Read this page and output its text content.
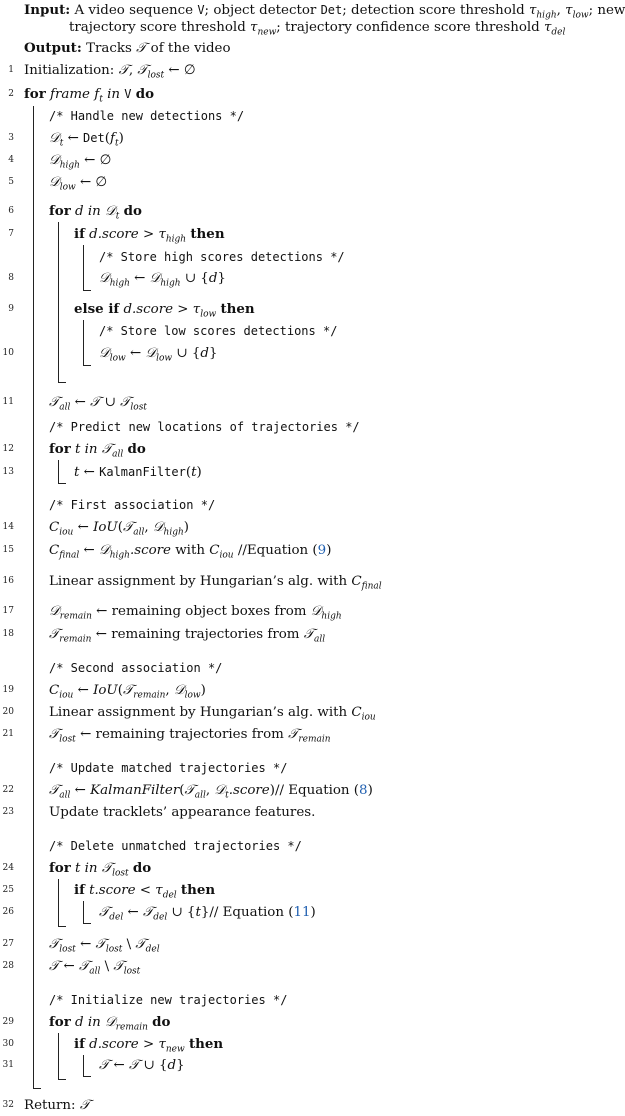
Input: A video sequence V; object detector Det; detection score threshold $\tau_{high}$, $\tau_{low}$; new
trajectory score threshold $\tau_{new}$; trajectory confidence score threshold $\tau_{del}$
Output: Tracks 𝒯 of the video
1 Initialization: 𝒯, 𝒯$_{lost}$ ← ∅
2 for frame $f_t$ in V do
/* Handle new detections */
3	𝒟$_t$ ← $Det(f_t)$
4	𝒟$_{high}$ ← ∅
5	𝒟$_{low}$ ← ∅
6	for d in 𝒟$_t$ do
7	if d.score > $\tau_{high}$ then
/* Store high scores detections */
8	𝒟$_{high}$ ← 𝒟$_{high}$ ∪ {d}
9	else if d.score > $\tau_{low}$ then
/* Store low scores detections */
10	𝒟$_{low}$ ← 𝒟$_{low}$ ∪ {d}
11	𝒯$_{all}$ ← 𝒯 ∪ 𝒯$_{lost}$
/* Predict new locations of trajectories */
12	for t in 𝒯$_{all}$ do
13	t ← KalmanFilter(t)
/* First association */
14	$C_{iou}$ ← IoU(𝒯$_{all}$, 𝒟$_{high}$)
15	$C_{final}$ ← 𝒟$_{high}$.score with $C_{iou}$ //Equation (9)
16	Linear assignment by Hungarian’s alg. with $C_{final}$
17	𝒟$_{remain}$ ← remaining object boxes from 𝒟$_{high}$
18	𝒯$_{remain}$ ← remaining trajectories from 𝒯$_{all}$
/* Second association */
19	$C_{iou}$ ← IoU(𝒯$_{remain}$, 𝒟$_{low}$)
20	Linear assignment by Hungarian’s alg. with $C_{iou}$
21	𝒯$_{lost}$ ← remaining trajectories from 𝒯$_{remain}$
/* Update matched trajectories */
22	𝒯$_{all}$ ← KalmanFilter(𝒯$_{all}$, 𝒟$_t$.score)// Equation (8)
23	Update tracklets’ appearance features.
/* Delete unmatched trajectories */
24	for t in 𝒯$_{lost}$ do
25	if t.score < $\tau_{del}$ then
26	𝒯$_{del}$ ← 𝒯$_{del}$ ∪ {t}// Equation (11)
27	𝒯$_{lost}$ ← 𝒯$_{lost}$ \ 𝒯$_{del}$
28	𝒯 ← 𝒯$_{all}$ \ 𝒯$_{lost}$
/* Initialize new trajectories */
29	for d in 𝒟$_{remain}$ do
30	if d.score > $\tau_{new}$ then
31	𝒯 ← 𝒯 ∪ {d}
32 Return: 𝒯
